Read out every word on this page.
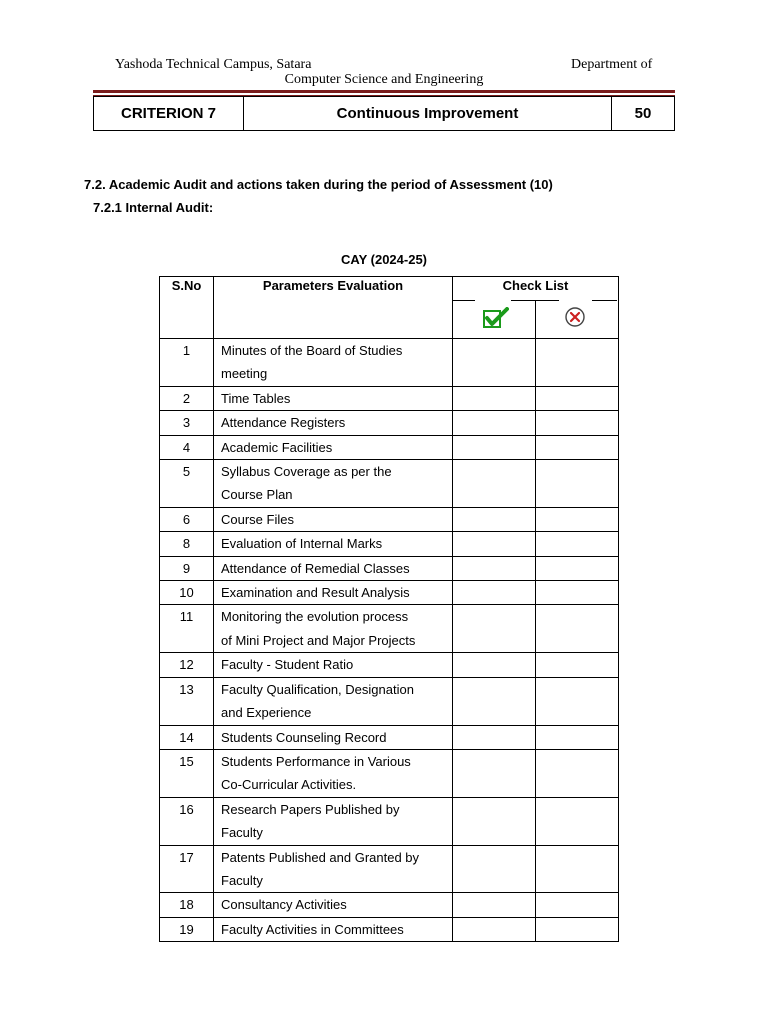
Yashoda Technical Campus, Satara	Department of
Computer Science and Engineering
CRITERION 7	Continuous Improvement	50
7.2. Academic Audit and actions taken during the period of Assessment (10)
7.2.1 Internal Audit:
CAY (2024-25)
S.No	Parameters Evaluation	Check List	

1	Minutes of the Board of Studies
meeting		

2	Time Tables		

3	Attendance Registers		

4	Academic Facilities		

5	Syllabus Coverage as per the
Course Plan		

6	Course Files		

8	Evaluation of Internal Marks		

9	Attendance of Remedial Classes		

10	Examination and Result Analysis		

11	Monitoring the evolution process
of Mini Project and Major Projects		

12	Faculty - Student Ratio		

13	Faculty Qualification, Designation
and Experience		

14	Students Counseling Record		

15	Students Performance in Various
Co-Curricular Activities.		

16	Research Papers Published by
Faculty		

17	Patents Published and Granted by
Faculty		

18	Consultancy Activities		

19	Faculty Activities in Committees		
